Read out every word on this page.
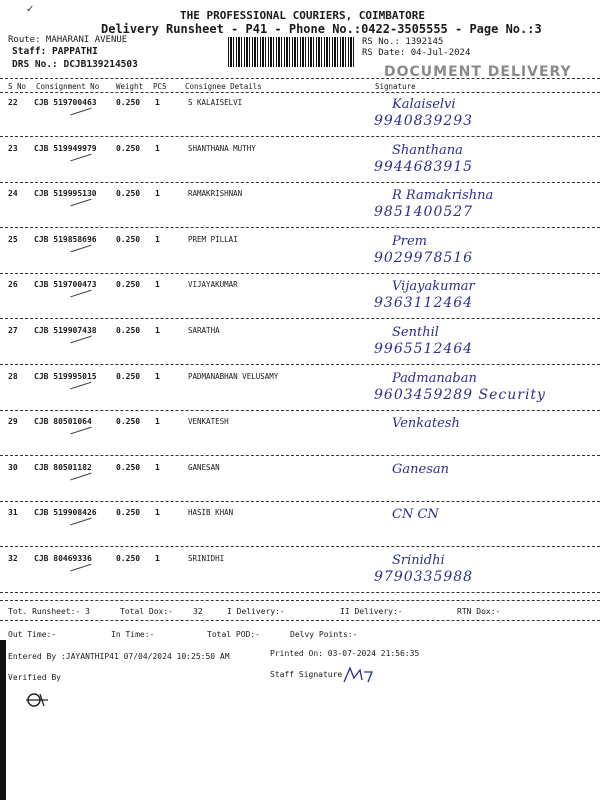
THE PROFESSIONAL COURIERS, COIMBATORE
Delivery Runsheet - P41 - Phone No.:0422-3505555 - Page No.:3
Route: MAHARANI AVENUE
Staff: PAPPATHI
DRS No.: DCJB139214503
RS No.: 1392145
RS Date: 04-Jul-2024
DOCUMENT DELIVERY
✓
S No Consignment No Weight PCS Consignee Details	Signature
22 CJB 519700463 0.250 1	S KALAISELVI	Kalaiselvi
9940839293
23 CJB 519949979 0.250 1	SHANTHANA MUTHY	Shanthana
9944683915
24 CJB 519995130 0.250 1	RAMAKRISHNAN	R Ramakrishna
9851400527
25 CJB 519858696 0.250 1	PREM PILLAI	Prem
9029978516
26 CJB 519700473 0.250 1	VIJAYAKUMAR	Vijayakumar
9363112464
27 CJB 519907438 0.250 1	SARATHA	Senthil
9965512464
28 CJB 519995015 0.250 1	PADMANABHAN VELUSAMY	Padmanaban
9603459289 Security
29 CJB 80501064	0.250 1	VENKATESH	Venkatesh
30 CJB 80501182	0.250 1	GANESAN	Ganesan
31 CJB 519908426 0.250 1	HASIB KHAN	CN CN
32 CJB 80469336	0.250 1	SRINIDHI	Srinidhi
9790335988
Tot. Runsheet:- 3	Total Dox:-	32	I Delivery:-	II Delivery:-	RTN Dox:-
Out Time:-	In Time:-	Total POD:-	Delvy Points:-
Entered By :JAYANTHIP41 07/04/2024 10:25:50 AM	Printed On: 03-07-2024 21:56:35
Verified By	Staff Signature
